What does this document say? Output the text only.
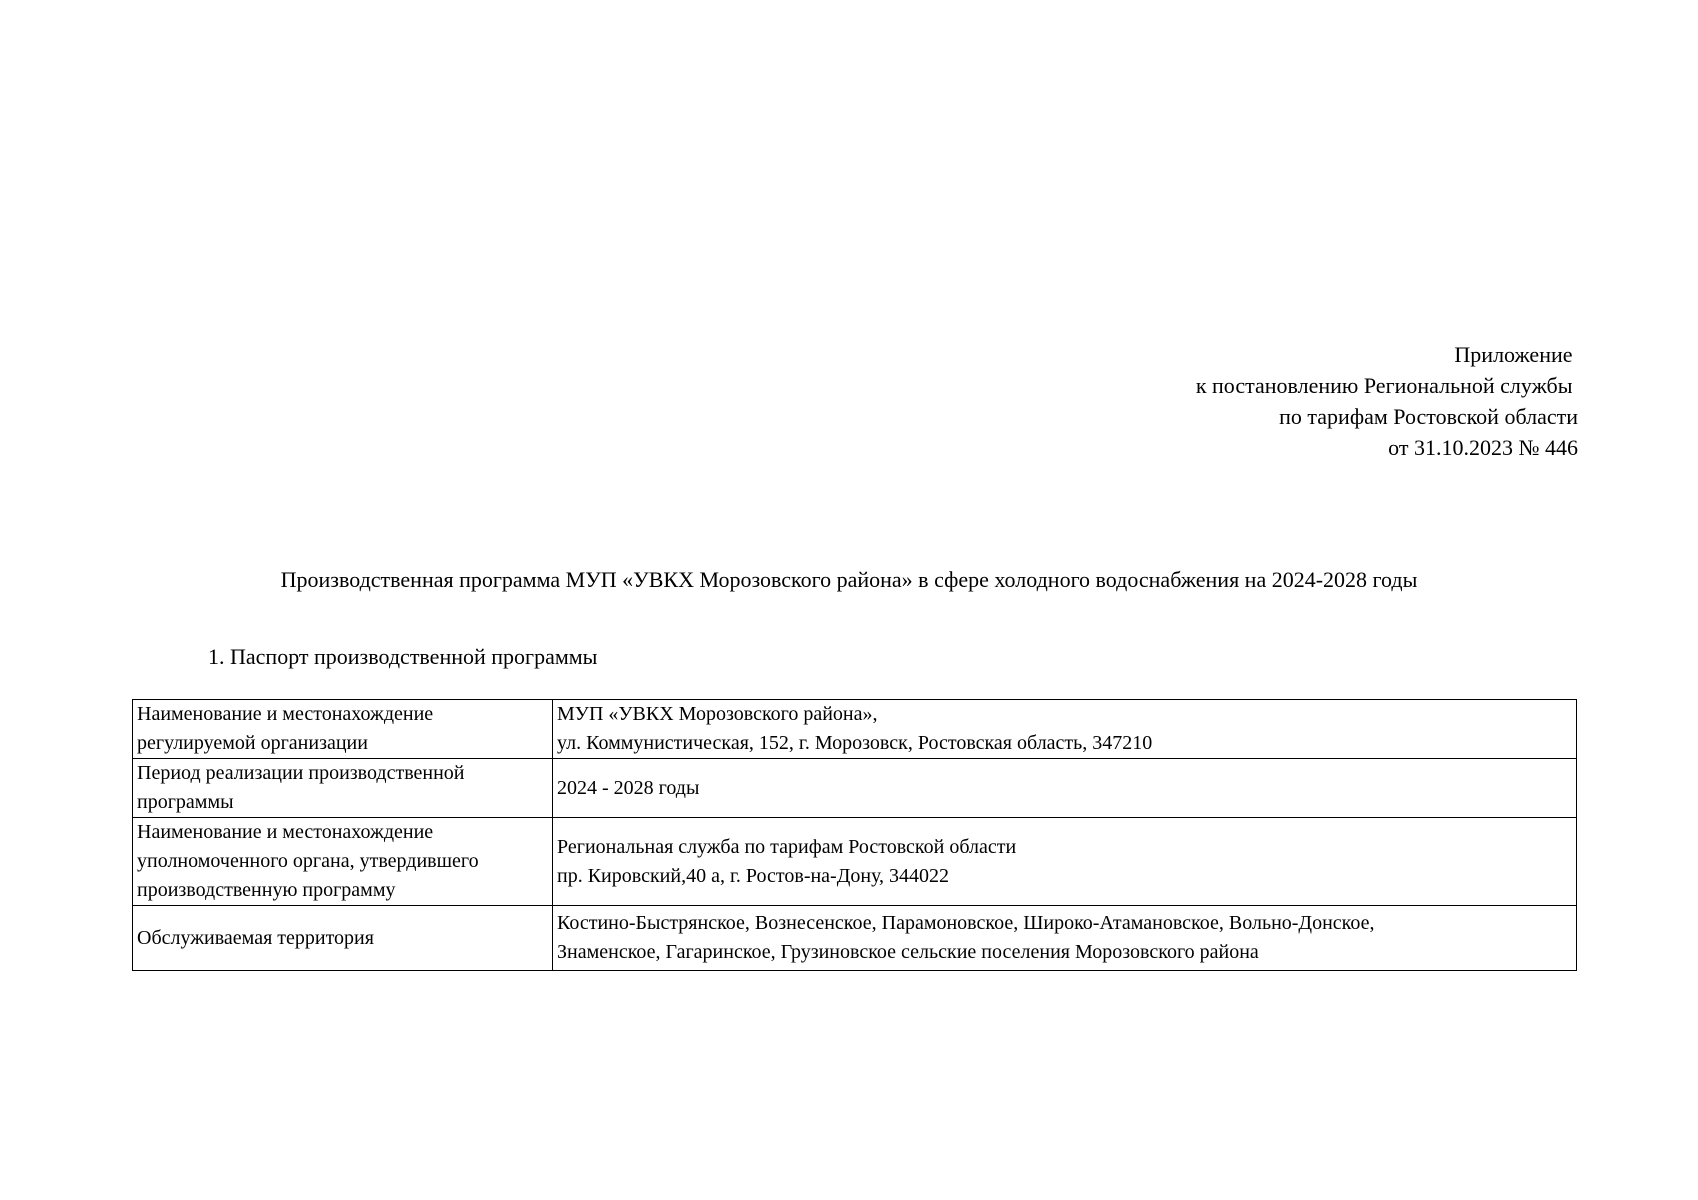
Приложение
к постановлению Региональной службы
по тарифам Ростовской области
от 31.10.2023 № 446
Производственная программа МУП «УВКХ Морозовского района» в сфере холодного водоснабжения на 2024-2028 годы
1. Паспорт производственной программы
Наименование и местонахождение
регулируемой организации	МУП «УВКХ Морозовского района»,
ул. Коммунистическая, 152, г. Морозовск, Ростовская область, 347210

Период реализации производственной
программы	2024 - 2028 годы

Наименование и местонахождение
уполномоченного органа, утвердившего
производственную программу	Региональная служба по тарифам Ростовской области
пр. Кировский,40 а, г. Ростов-на-Дону, 344022

Обслуживаемая территория	Костино-Быстрянское, Вознесенское, Парамоновское, Широко-Атамановское, Вольно-Донское,
Знаменское, Гагаринское, Грузиновское сельские поселения Морозовского района
